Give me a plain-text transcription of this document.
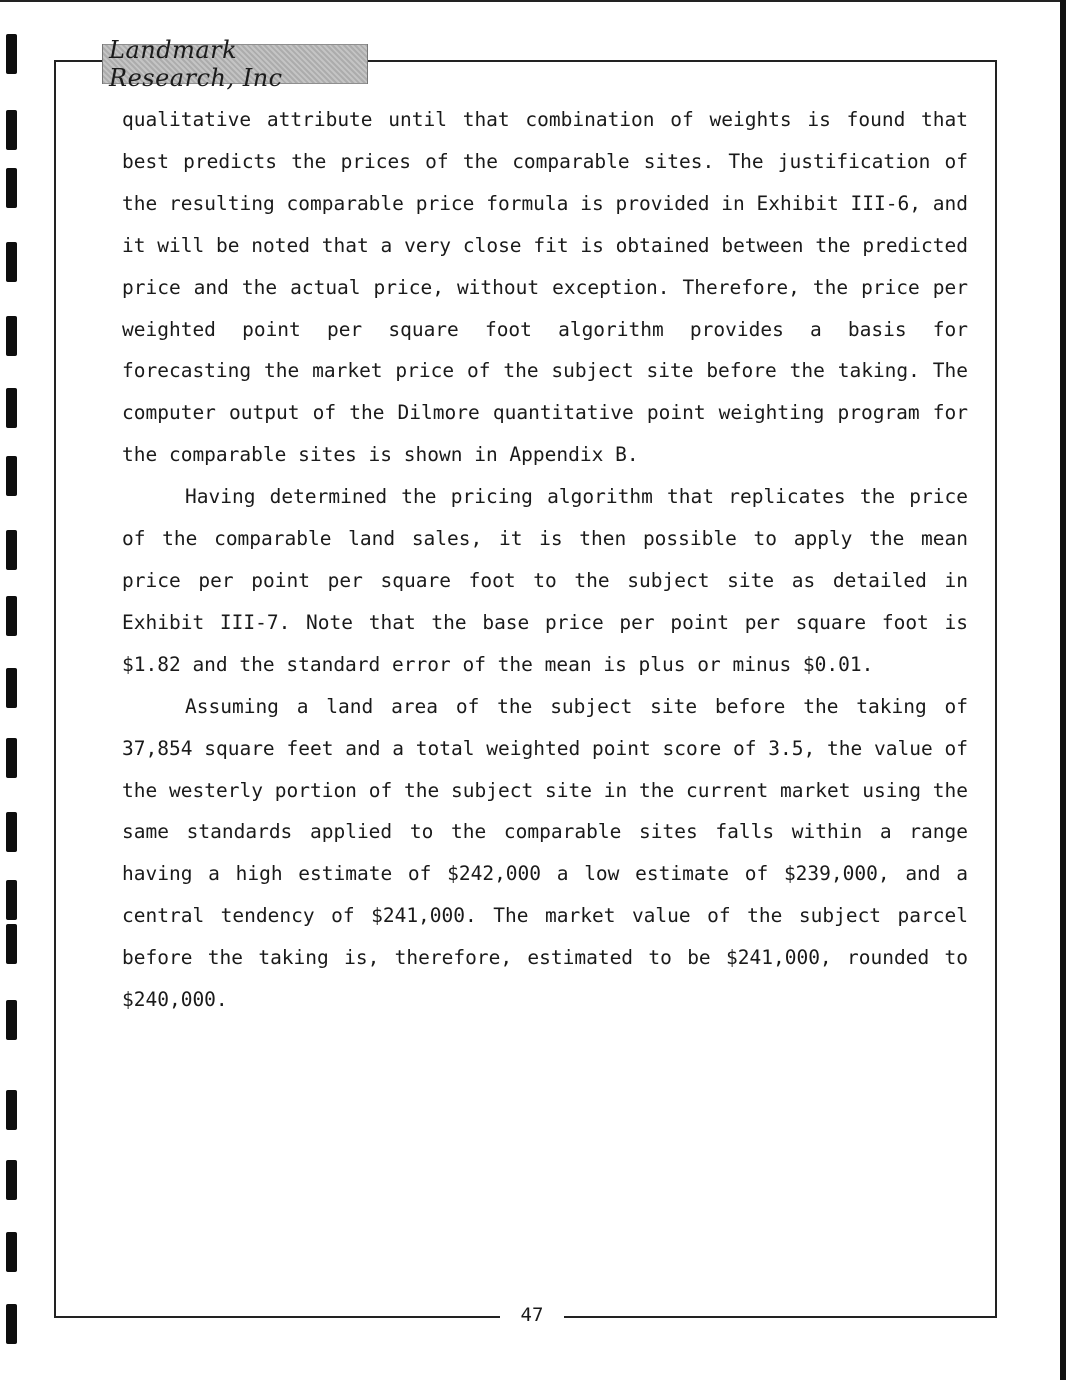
Landmark Research, Inc

qualitative attribute until that combination of weights is found that best predicts the prices of the comparable sites. The justification of the resulting comparable price formula is provided in Exhibit III-6, and it will be noted that a very close fit is obtained between the predicted price and the actual price, without exception. Therefore, the price per weighted point per square foot algorithm provides a basis for forecasting the market price of the subject site before the taking. The computer output of the Dilmore quantitative point weighting program for the comparable sites is shown in Appendix B.

Having determined the pricing algorithm that replicates the price of the comparable land sales, it is then possible to apply the mean price per point per square foot to the subject site as detailed in Exhibit III-7. Note that the base price per point per square foot is $1.82 and the standard error of the mean is plus or minus $0.01.

Assuming a land area of the subject site before the taking of 37,854 square feet and a total weighted point score of 3.5, the value of the westerly portion of the subject site in the current market using the same standards applied to the comparable sites falls within a range having a high estimate of $242,000 a low estimate of $239,000, and a central tendency of $241,000. The market value of the subject parcel before the taking is, therefore, estimated to be $241,000, rounded to $240,000.

47
